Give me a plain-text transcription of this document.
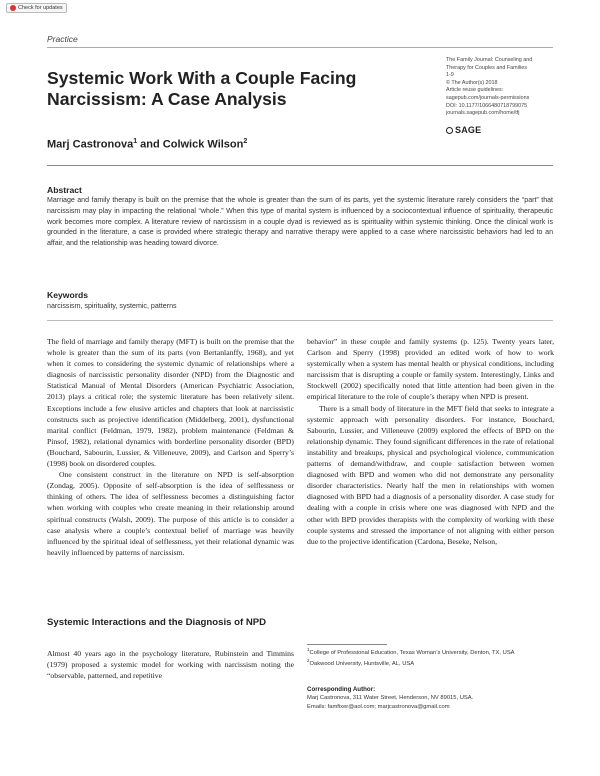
Check for updates
Practice
Systemic Work With a Couple Facing Narcissism: A Case Analysis
Marj Castronova$^1$ and Colwick Wilson$^2$
The Family Journal: Counseling and
Therapy for Couples and Families
1-9
© The Author(s) 2018
Article reuse guidelines:
sagepub.com/journals-permissions
DOI: 10.1177/1066480718799075
journals.sagepub.com/home/tfj
SAGE
Abstract

Marriage and family therapy is built on the premise that the whole is greater than the sum of its parts, yet the systemic literature rarely considers the “part” that narcissism may play in impacting the relational “whole.” When this type of marital system is influenced by a sociocontextual influence of spirituality, therapeutic work becomes more complex. A literature review of narcissism in a couple dyad is reviewed as is spirituality within systemic thinking. Once the clinical work is grounded in the literature, a case is provided where strategic therapy and narrative therapy were applied to a case where narcissistic behaviors had led to an affair, and the relationship was heading toward divorce.

Keywords

narcissism, spirituality, systemic, patterns

The field of marriage and family therapy (MFT) is built on the premise that the whole is greater than the sum of its parts (von Bertanlanffy, 1968), and yet when it comes to considering the systemic dynamic of relationships where a diagnosis of narcissistic personality disorder (NPD) from the Diagnostic and Statistical Manual of Mental Disorders (American Psychiatric Association, 2013) plays a critical role; the systemic literature has been relatively silent. Exceptions include a few elusive articles and chapters that look at narcissistic constructs such as projective identification (Middelberg, 2001), dysfunctional marital conflict (Feldman, 1979, 1982), problem maintenance (Feldman & Pinsof, 1982), relational dynamics with borderline personality disorder (BPD) (Bouchard, Sabourin, Lussier, & Villeneuve, 2009), and Carlson and Sperry’s (1998) book on disordered couples.

One consistent construct in the literature on NPD is self-absorption (Zondag, 2005). Opposite of self-absorption is the idea of selflessness or thinking of others. The idea of selflessness becomes a distinguishing factor when working with couples who create meaning in their relationship around spiritual constructs (Walsh, 2009). The purpose of this article is to consider a case analysis where a couple’s contextual belief of marriage was heavily influenced by the spiritual ideal of selflessness, yet their relational dynamic was heavily influenced by patterns of narcissism.

Systemic Interactions and the Diagnosis of NPD

Almost 40 years ago in the psychology literature, Rubinstein and Timmins (1979) proposed a systemic model for working with narcissism noting the “observable, patterned, and repetitive

behavior” in these couple and family systems (p. 125). Twenty years later, Carlson and Sperry (1998) provided an edited work of how to work systemically when a system has mental health or physical conditions, including narcissism that is disrupting a couple or family system. Interestingly, Links and Stockwell (2002) specifically noted that little attention had been given in the empirical literature to the role of couple’s therapy when NPD is present.

There is a small body of literature in the MFT field that seeks to integrate a systemic approach with personality disorders. For instance, Bouchard, Sabourin, Lussier, and Villeneuve (2009) explored the effects of BPD on the relationship dynamic. They found significant differences in the rate of relational instability and breakups, physical and psychological violence, communication patterns of demand/withdraw, and couple satisfaction between women diagnosed with BPD and women who did not demonstrate any personality disorder characteristics. Nearly half the men in relationships with women diagnosed with BPD had a diagnosis of a personality disorder. A case study for dealing with a couple in crisis where one was diagnosed with NPD and the other with BPD provides therapists with the complexity of working with these couple systems and stressed the importance of not aligning with either person due to the projective identification (Cardona, Beseke, Nelson,

$^1$College of Professional Education, Texas Woman’s University, Denton, TX, USA
$^2$Oakwood University, Huntsville, AL, USA
Corresponding Author:
Marj Castronova, 311 Water Street, Henderson, NV 89015, USA.
Emails: famfixer@aol.com; marjcastronova@gmail.com
